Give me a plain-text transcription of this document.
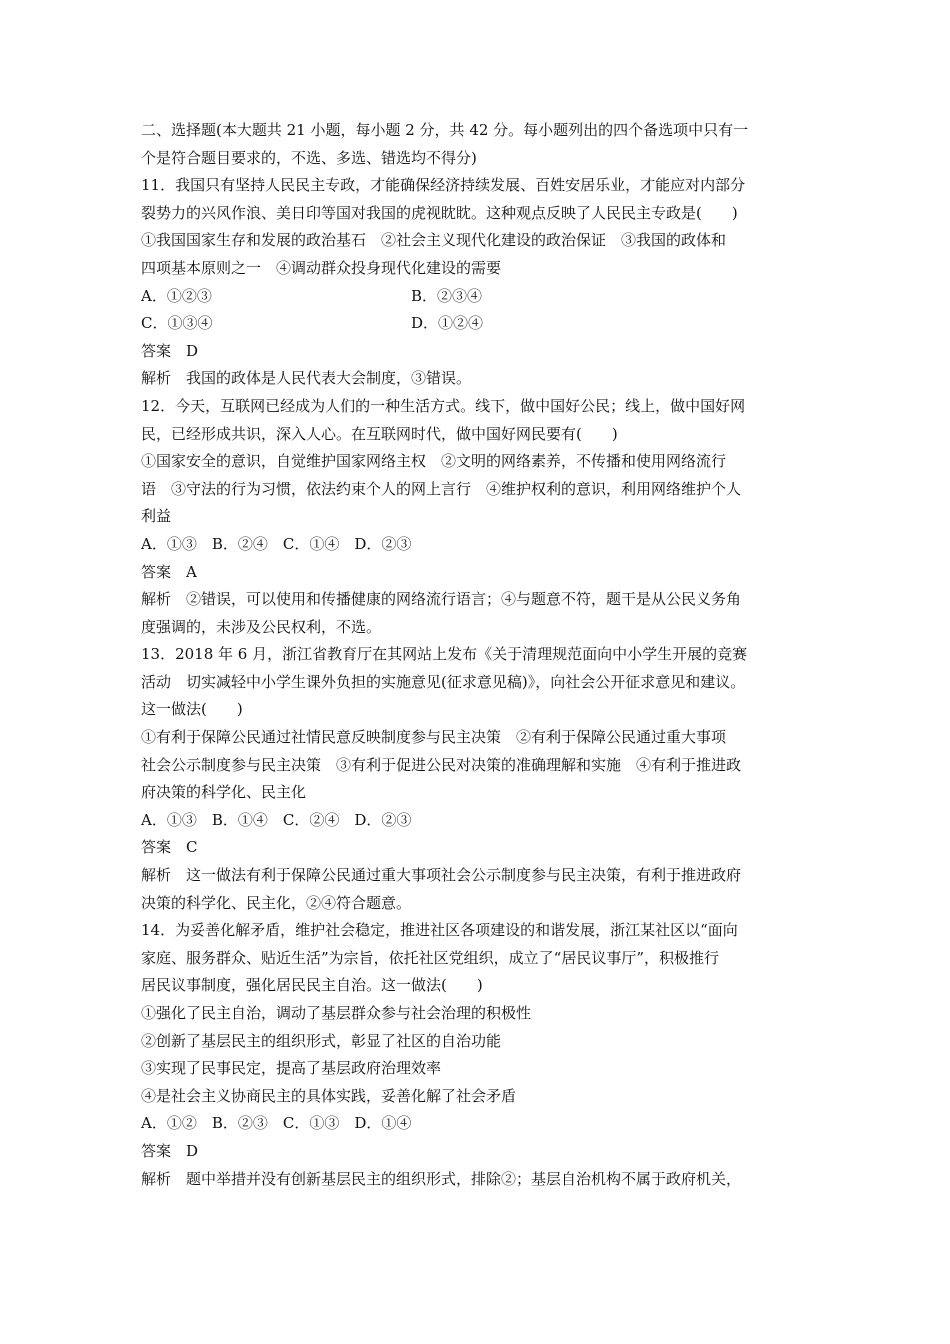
二、选择题(本大题共 21 小题，每小题 2 分，共 42 分。每小题列出的四个备选项中只有一
个是符合题目要求的，不选、多选、错选均不得分)
11．我国只有坚持人民民主专政，才能确保经济持续发展、百姓安居乐业，才能应对内部分
裂势力的兴风作浪、美日印等国对我国的虎视眈眈。这种观点反映了人民民主专政是(　　)
①我国国家生存和发展的政治基石　②社会主义现代化建设的政治保证　③我国的政体和
四项基本原则之一　④调动群众投身现代化建设的需要
A．①②③	B．②③④
C．①③④	D．①②④
答案　D
解析　我国的政体是人民代表大会制度，③错误。
12．今天，互联网已经成为人们的一种生活方式。线下，做中国好公民；线上，做中国好网
民，已经形成共识，深入人心。在互联网时代，做中国好网民要有(　　)
①国家安全的意识，自觉维护国家网络主权　②文明的网络素养，不传播和使用网络流行
语　③守法的行为习惯，依法约束个人的网上言行　④维护权利的意识，利用网络维护个人
利益
A．①③　B．②④　C．①④　D．②③
答案　A
解析　②错误，可以使用和传播健康的网络流行语言；④与题意不符，题干是从公民义务角
度强调的，未涉及公民权利，不选。
13．2018 年 6 月，浙江省教育厅在其网站上发布《关于清理规范面向中小学生开展的竞赛
活动　切实减轻中小学生课外负担的实施意见(征求意见稿)》，向社会公开征求意见和建议。
这一做法(　　)
①有利于保障公民通过社情民意反映制度参与民主决策　②有利于保障公民通过重大事项
社会公示制度参与民主决策　③有利于促进公民对决策的准确理解和实施　④有利于推进政
府决策的科学化、民主化
A．①③　B．①④　C．②④　D．②③
答案　C
解析　这一做法有利于保障公民通过重大事项社会公示制度参与民主决策，有利于推进政府
决策的科学化、民主化，②④符合题意。
14．为妥善化解矛盾，维护社会稳定，推进社区各项建设的和谐发展，浙江某社区以“面向
家庭、服务群众、贴近生活”为宗旨，依托社区党组织，成立了“居民议事厅”，积极推行
居民议事制度，强化居民民主自治。这一做法(　　)
①强化了民主自治，调动了基层群众参与社会治理的积极性
②创新了基层民主的组织形式，彰显了社区的自治功能
③实现了民事民定，提高了基层政府治理效率
④是社会主义协商民主的具体实践，妥善化解了社会矛盾
A．①②　B．②③　C．①③　D．①④
答案　D
解析　题中举措并没有创新基层民主的组织形式，排除②；基层自治机构不属于政府机关，
